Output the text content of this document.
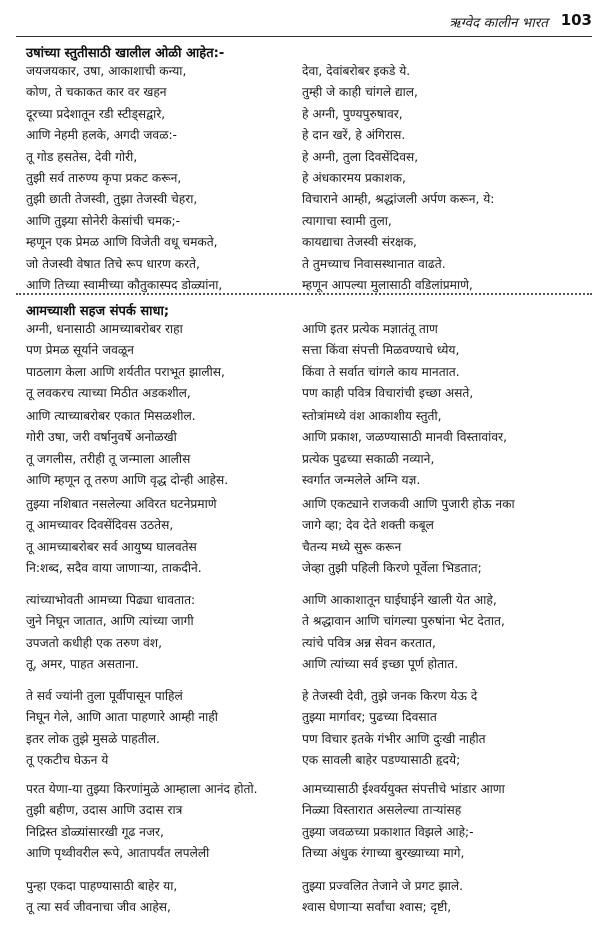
ऋग्वेद कालीन भारत 103
उषांच्या स्तुतीसाठी खालील ओळी आहेत:-
जयजयकार, उषा, आकाशाची कन्या,
कोण, ते चकाकत कार वर खहन
दूरच्या प्रदेशातून रडी स्टीड्सद्वारे,
आणि नेहमी हलके, अगदी जवळ:-
तू गोड हसतेस, देवी गोरी,
तुझी सर्व तारुण्य कृपा प्रकट करून,
तुझी छाती तेजस्वी, तुझा तेजस्वी चेहरा,
आणि तुझ्या सोनेरी केसांची चमक;-
म्हणून एक प्रेमळ आणि विजेती वधू चमकते,
जो तेजस्वी वेषात तिचे रूप धारण करते,
आणि तिच्या स्वामीच्या कौतुकास्पद डोळ्यांना,
देवा, देवांबरोबर इकडे ये.
तुम्ही जे काही चांगले द्याल,
हे अग्नी, पुण्यपुरुषावर,
हे दान खरें, हे अंगिरास.
हे अग्नी, तुला दिवसेंदिवस,
हे अंधकारमय प्रकाशक,
विचाराने आम्ही, श्रद्धांजली अर्पण करून, ये:
त्यागाचा स्वामी तुला,
कायद्याचा तेजस्वी संरक्षक,
ते तुमच्याच निवासस्थानात वाढते.
म्हणून आपल्या मुलासाठी वडिलांप्रमाणे,
आमच्याशी सहज संपर्क साधा;
अग्नी, धनासाठी आमच्याबरोबर राहा
पण प्रेमळ सूर्याने जवळून
पाठलाग केला आणि शर्यतीत पराभूत झालीस,
तू लवकरच त्याच्या मिठीत अडकशील,
आणि इतर प्रत्येक मज्ञातंतू ताण
सत्ता किंवा संपत्ती मिळवण्याचे ध्येय,
किंवा ते सर्वात चांगले काय मानतात.
पण काही पवित्र विचारांची इच्छा असते,
आणि त्याच्याबरोबर एकात मिसळशील.
गोरी उषा, जरी वर्षानुवर्षे अनोळखी
तू जगलीस, तरीही तू जन्माला आलीस
आणि म्हणून तू तरुण आणि वृद्ध दोन्ही आहेस.
स्तोत्रांमध्ये वंश आकाशीय स्तुती,
आणि प्रकाश, जळण्यासाठी मानवी विस्तावांवर,
प्रत्येक पुढच्या सकाळी नव्याने,
स्वर्गात जन्मलेले अग्नि यज्ञ.
तुझ्या नशिबात नसलेल्या अविरत घटनेप्रमाणे
तू आमच्यावर दिवसेंदिवस उठतेस,
तू आमच्याबरोबर सर्व आयुष्य घालवतेस
नि:शब्द, सदैव वाया जाणाऱ्या, ताकदीने.
आणि एकट्याने राजकवी आणि पुजारी होऊ नका
जागे व्हा; देव देते शक्ती कबूल
चैतन्य मध्ये सुरू करून
जेव्हा तुझी पहिली किरणे पूर्वेला भिडतात;
त्यांच्याभोवती आमच्या पिढ्या धावतात:
जुने निघून जातात, आणि त्यांच्या जागी
उपजतो कधीही एक तरुण वंश,
तू, अमर, पाहत असताना.
आणि आकाशातून घाईघाईने खाली येत आहे,
ते श्रद्धावान आणि चांगल्या पुरुषांना भेट देतात,
त्यांचे पवित्र अन्न सेवन करतात,
आणि त्यांच्या सर्व इच्छा पूर्ण होतात.
ते सर्व ज्यांनी तुला पूर्वीपासून पाहिलं
निघून गेले, आणि आता पाहणारे आम्ही नाही
इतर लोक तुझे मुसळे पाहतील.
तू एकटीच घेऊन ये
हे तेजस्वी देवी, तुझे जनक किरण येऊ दे
तुझ्या मार्गावर; पुढच्या दिवसात
पण विचार इतके गंभीर आणि दुःखी नाहीत
एक सावली बाहेर पडण्यासाठी हृदये;
परत येणा-या तुझ्या किरणांमुळे आम्हाला आनंद होतो.
तुझी बहीण, उदास आणि उदास रात्र
निद्रिस्त डोळ्यांसारखी गूढ नजर,
आणि पृथ्वीवरील रूपे, आतापर्यंत लपलेली
आमच्यासाठी ईश्वर्ययुक्त संपत्तीचे भांडार आणा
निळ्या विस्तारात असलेल्या ताऱ्यांसह
तुझ्या जवळच्या प्रकाशात विझले आहे;-
तिच्या अंधुक रंगाच्या बुरख्याच्या मागे,
पुन्हा एकदा पाहण्यासाठी बाहेर या,
तू त्या सर्व जीवनाचा जीव आहेस,
तुझ्या प्रज्वलित तेजाने जे प्रगट झाले.
श्वास घेणाऱ्या सर्वांचा श्वास; दृष्टी,
